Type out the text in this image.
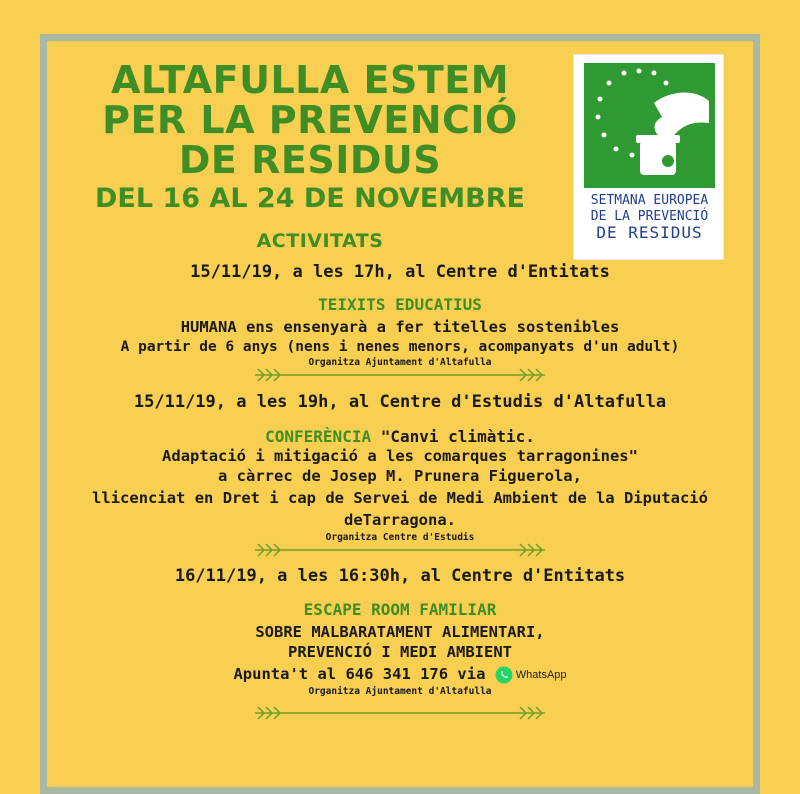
ALTAFULLA ESTEM
PER LA PREVENCIÓ
DE RESIDUS
DEL 16 AL 24 DE NOVEMBRE	SETMANA EUROPEA
DE LA PREVENCIÓ
DE RESIDUS
ACTIVITATS
15/11/19, a les 17h, al Centre d'Entitats
TEIXITS EDUCATIUS
HUMANA ens ensenyarà a fer titelles sostenibles
A partir de 6 anys (nens i nenes menors, acompanyats d'un adult)
Organitza Ajuntament d'Altafulla
15/11/19, a les 19h, al Centre d'Estudis d'Altafulla
CONFERÈNCIA "Canvi climàtic.
Adaptació i mitigació a les comarques tarragonines"
a càrrec de Josep M. Prunera Figuerola,
llicenciat en Dret i cap de Servei de Medi Ambient de la Diputació
deTarragona.
Organitza Centre d'Estudis
16/11/19, a les 16:30h, al Centre d'Entitats
ESCAPE ROOM FAMILIAR
SOBRE MALBARATAMENT ALIMENTARI,
PREVENCIÓ I MEDI AMBIENT
Apunta't al 646 341 176 via	WhatsApp
Organitza Ajuntament d'Altafulla
